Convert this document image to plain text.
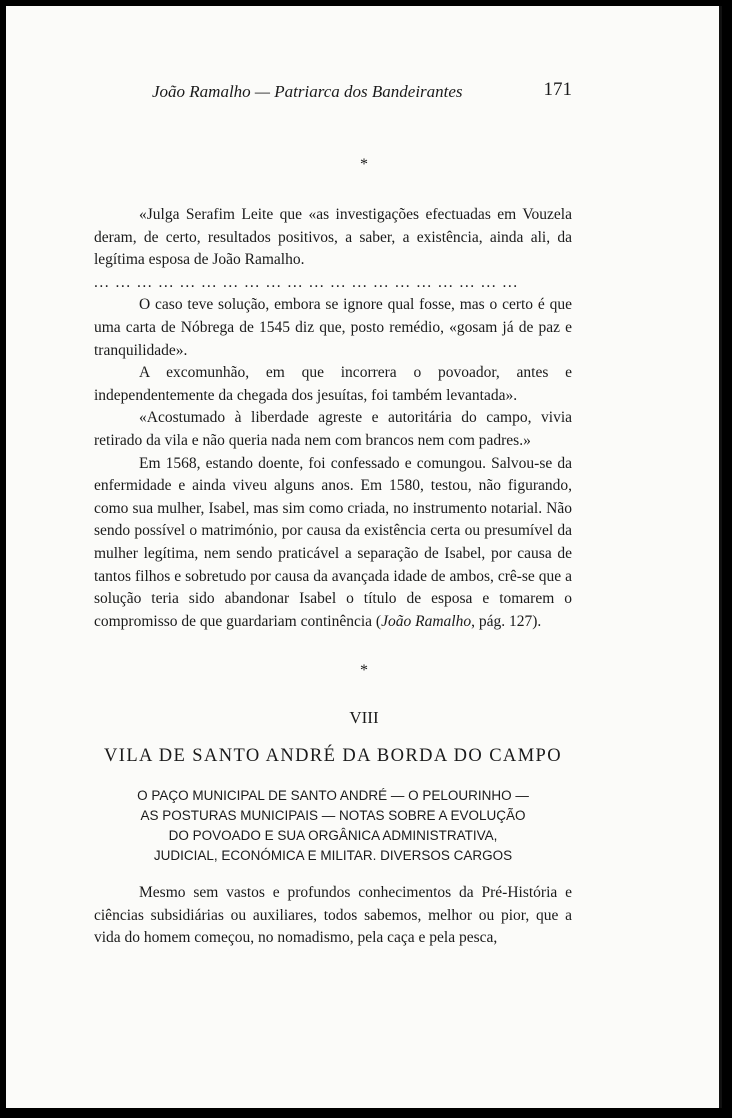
João Ramalho — Patriarca dos Bandeirantes	171
*

«Julga Serafim Leite que «as investigações efectuadas em Vouzela deram, de certo, resultados positivos, a saber, a existência, ainda ali, da legítima esposa de João Ramalho.

... ... ... ... ... ... ... ... ... ... ... ... ... ... ... ... ... ... ... ...

O caso teve solução, embora se ignore qual fosse, mas o certo é que uma carta de Nóbrega de 1545 diz que, posto remédio, «gosam já de paz e tranquilidade».

A excomunhão, em que incorrera o povoador, antes e independentemente da chegada dos jesuítas, foi também levantada».

«Acostumado à liberdade agreste e autoritária do campo, vivia retirado da vila e não queria nada nem com brancos nem com padres.»

Em 1568, estando doente, foi confessado e comungou. Salvou-se da enfermidade e ainda viveu alguns anos. Em 1580, testou, não figurando, como sua mulher, Isabel, mas sim como criada, no instrumento notarial. Não sendo possível o matrimónio, por causa da existência certa ou presumível da mulher legítima, nem sendo praticável a separação de Isabel, por causa de tantos filhos e sobretudo por causa da avançada idade de ambos, crê-se que a solução teria sido abandonar Isabel o título de esposa e tomarem o compromisso de que guardariam continência (João Ramalho, pág. 127).

*
VIII
VILA DE SANTO ANDRÉ DA BORDA DO CAMPO
O PAÇO MUNICIPAL DE SANTO ANDRÉ — O PELOURINHO —
AS POSTURAS MUNICIPAIS — NOTAS SOBRE A EVOLUÇÃO
DO POVOADO E SUA ORGÂNICA ADMINISTRATIVA,
JUDICIAL, ECONÓMICA E MILITAR. DIVERSOS CARGOS

Mesmo sem vastos e profundos conhecimentos da Pré-História e ciências subsidiárias ou auxiliares, todos sabemos, melhor ou pior, que a vida do homem começou, no nomadismo, pela caça e pela pesca,
